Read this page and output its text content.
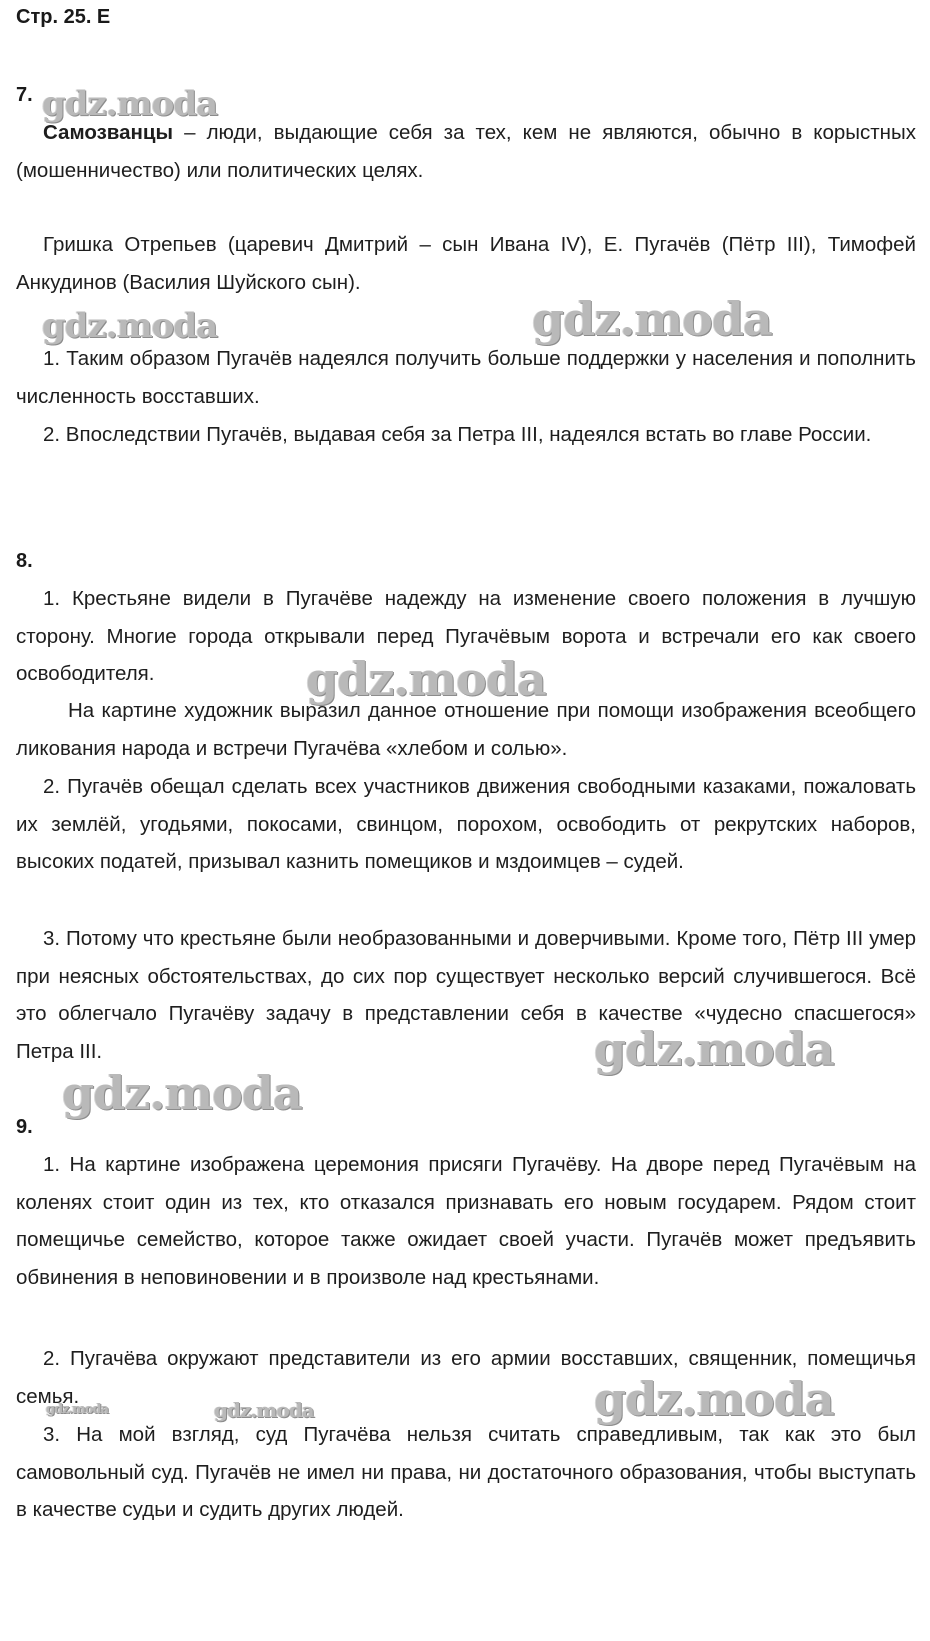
Стр. 25. Е
7.

Самозванцы – люди, выдающие себя за тех, кем не являются, обычно в корыстных (мошенничество) или политических целях.

Гришка Отрепьев (царевич Дмитрий – сын Ивана IV), Е. Пугачёв (Пётр III), Тимофей Анкудинов (Василия Шуйского сын).

1. Таким образом Пугачёв надеялся получить больше поддержки у населения и пополнить численность восставших.

2. Впоследствии Пугачёв, выдавая себя за Петра III, надеялся встать во главе России.

8.

1. Крестьяне видели в Пугачёве надежду на изменение своего положения в лучшую сторону. Многие города открывали перед Пугачёвым ворота и встречали его как своего освободителя.

На картине художник выразил данное отношение при помощи изображения всеобщего ликования народа и встречи Пугачёва «хлебом и солью».

2. Пугачёв обещал сделать всех участников движения свободными казаками, пожаловать их землёй, угодьями, покосами, свинцом, порохом, освободить от рекрутских наборов, высоких податей, призывал казнить помещиков и мздоимцев – судей.

3. Потому что крестьяне были необразованными и доверчивыми. Кроме того, Пётр III умер при неясных обстоятельствах, до сих пор существует несколько версий случившегося. Всё это облегчало Пугачёву задачу в представлении себя в качестве «чудесно спасшегося» Петра III.

9.

1. На картине изображена церемония присяги Пугачёву. На дворе перед Пугачёвым на коленях стоит один из тех, кто отказался признавать его новым государем. Рядом стоит помещичье семейство, которое также ожидает своей участи. Пугачёв может предъявить обвинения в неповиновении и в произволе над крестьянами.

2. Пугачёва окружают представители из его армии восставших, священник, помещичья семья.

3. На мой взгляд, суд Пугачёва нельзя считать справедливым, так как это был самовольный суд. Пугачёв не имел ни права, ни достаточного образования, чтобы выступать в качестве судьи и судить других людей.

gdz.moda
gdz.moda	gdz.moda
gdz.moda
gdz.moda
gdz.moda
gdz.moda
gdz.moda
gdz.moda
